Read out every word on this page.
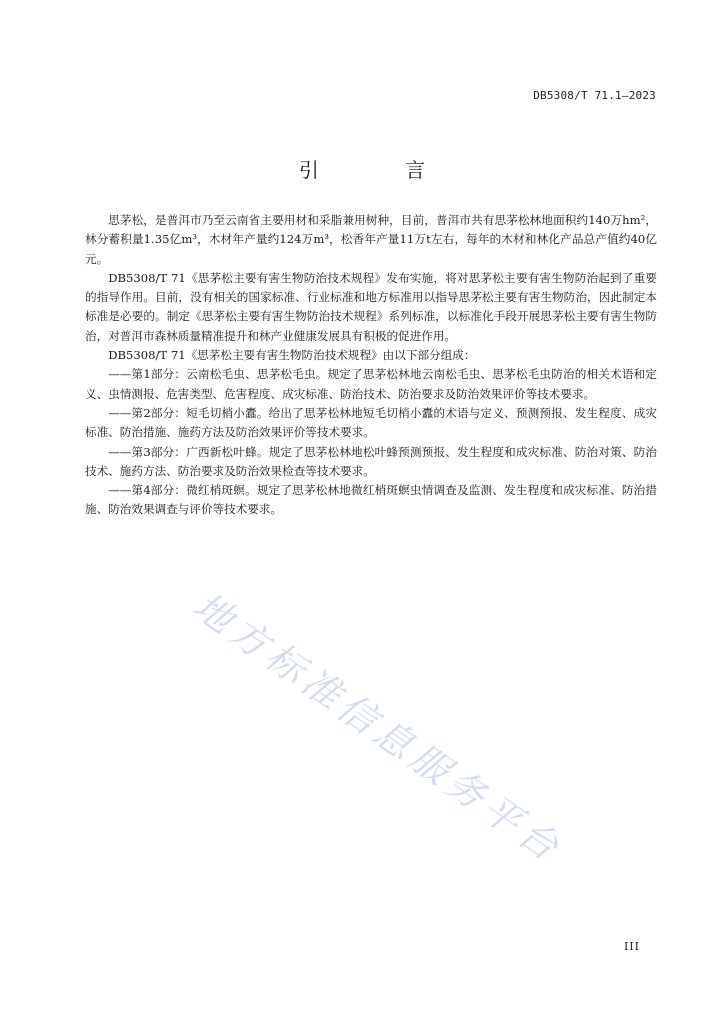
DB5308/T 71.1—2023
引 言

思茅松，是普洱市乃至云南省主要用材和采脂兼用树种，目前，普洱市共有思茅松林地面积约140万hm²，林分蓄积量1.35亿m³，木材年产量约124万m³，松香年产量11万t左右，每年的木材和林化产品总产值约40亿元。

DB5308/T 71《思茅松主要有害生物防治技术规程》发布实施，将对思茅松主要有害生物防治起到了重要的指导作用。目前，没有相关的国家标准、行业标准和地方标准用以指导思茅松主要有害生物防治，因此制定本标准是必要的。制定《思茅松主要有害生物防治技术规程》系列标准，以标准化手段开展思茅松主要有害生物防治，对普洱市森林质量精准提升和林产业健康发展具有积极的促进作用。

DB5308/T 71《思茅松主要有害生物防治技术规程》由以下部分组成：

——第1部分：云南松毛虫、思茅松毛虫。规定了思茅松林地云南松毛虫、思茅松毛虫防治的相关术语和定义、虫情测报、危害类型、危害程度、成灾标准、防治技术、防治要求及防治效果评价等技术要求。

——第2部分：短毛切梢小蠹。给出了思茅松林地短毛切梢小蠹的术语与定义、预测预报、发生程度、成灾标准、防治措施、施药方法及防治效果评价等技术要求。

——第3部分：广西新松叶蜂。规定了思茅松林地松叶蜂预测预报、发生程度和成灾标准、防治对策、防治技术、施药方法、防治要求及防治效果检查等技术要求。

——第4部分：微红梢斑螟。规定了思茅松林地微红梢斑螟虫情调查及监测、发生程度和成灾标准、防治措施、防治效果调查与评价等技术要求。

地方标准信息服务平台
III
